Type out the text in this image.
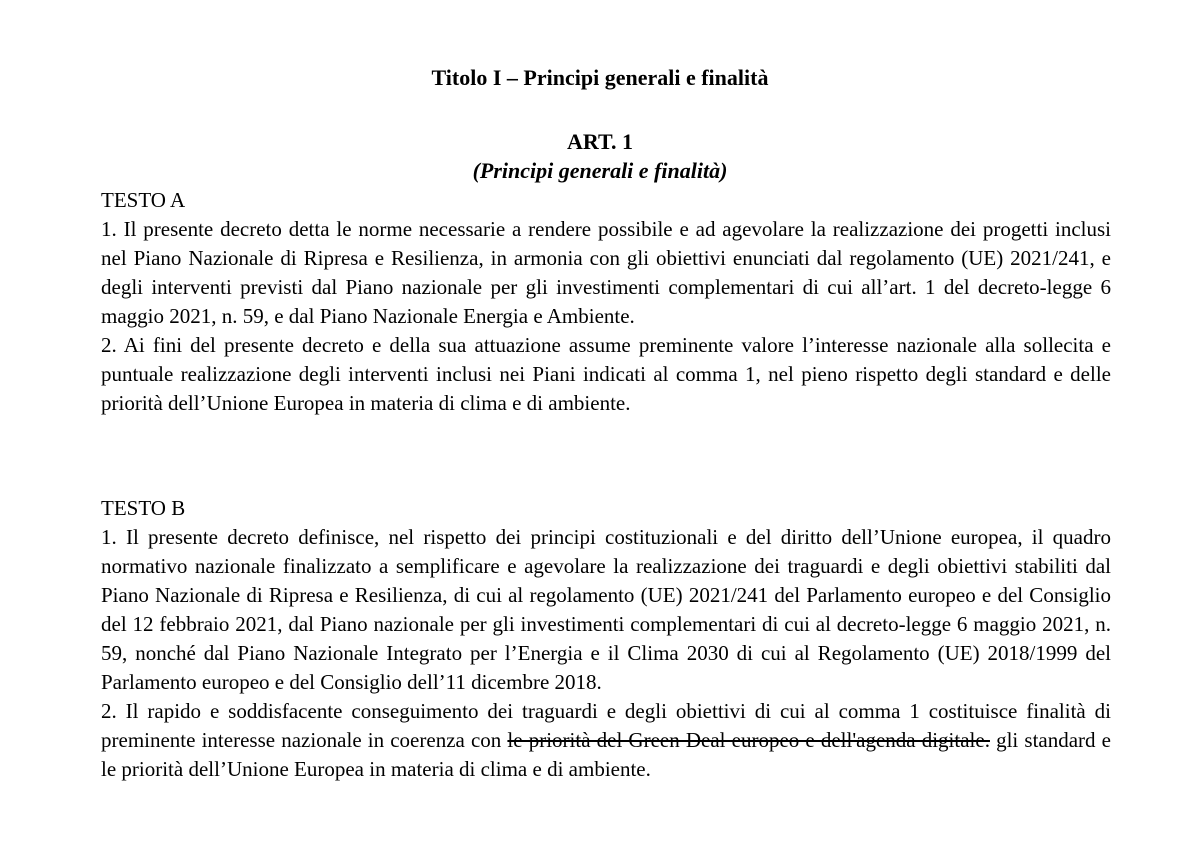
Titolo I – Principi generali e finalità
ART. 1
(Principi generali e finalità)
TESTO A

1. Il presente decreto detta le norme necessarie a rendere possibile e ad agevolare la realizzazione dei progetti inclusi nel Piano Nazionale di Ripresa e Resilienza, in armonia con gli obiettivi enunciati dal regolamento (UE) 2021/241, e degli interventi previsti dal Piano nazionale per gli investimenti complementari di cui all’art. 1 del decreto-legge 6 maggio 2021, n. 59, e dal Piano Nazionale Energia e Ambiente.

2. Ai fini del presente decreto e della sua attuazione assume preminente valore l’interesse nazionale alla sollecita e puntuale realizzazione degli interventi inclusi nei Piani indicati al comma 1, nel pieno rispetto degli standard e delle priorità dell’Unione Europea in materia di clima e di ambiente.

TESTO B

1. Il presente decreto definisce, nel rispetto dei principi costituzionali e del diritto dell’Unione europea, il quadro normativo nazionale finalizzato a semplificare e agevolare la realizzazione dei traguardi e degli obiettivi stabiliti dal Piano Nazionale di Ripresa e Resilienza, di cui al regolamento (UE) 2021/241 del Parlamento europeo e del Consiglio del 12 febbraio 2021, dal Piano nazionale per gli investimenti complementari di cui al decreto-legge 6 maggio 2021, n. 59, nonché dal Piano Nazionale Integrato per l’Energia e il Clima 2030 di cui al Regolamento (UE) 2018/1999 del Parlamento europeo e del Consiglio dell’11 dicembre 2018.

2. Il rapido e soddisfacente conseguimento dei traguardi e degli obiettivi di cui al comma 1 costituisce finalità di preminente interesse nazionale in coerenza con le priorità del Green Deal europeo e dell'agenda digitale. gli standard e le priorità dell’Unione Europea in materia di clima e di ambiente.
